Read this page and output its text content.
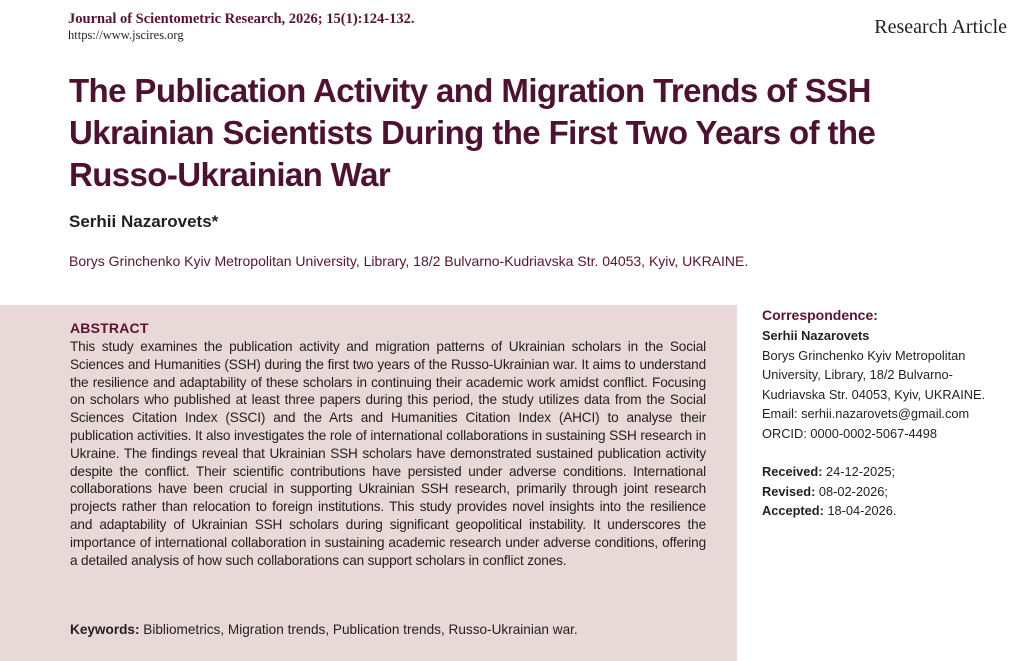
Journal of Scientometric Research, 2026; 15(1):124-132.
https://www.jscires.org	Research Article
The Publication Activity and Migration Trends of SSH Ukrainian Scientists During the First Two Years of the Russo-Ukrainian War
Serhii Nazarovets*
Borys Grinchenko Kyiv Metropolitan University, Library, 18/2 Bulvarno-Kudriavska Str. 04053, Kyiv, UKRAINE.
ABSTRACT

This study examines the publication activity and migration patterns of Ukrainian scholars in the Social Sciences and Humanities (SSH) during the first two years of the Russo-Ukrainian war. It aims to understand the resilience and adaptability of these scholars in continuing their academic work amidst conflict. Focusing on scholars who published at least three papers during this period, the study utilizes data from the Social Sciences Citation Index (SSCI) and the Arts and Humanities Citation Index (AHCI) to analyse their publication activities. It also investigates the role of international collaborations in sustaining SSH research in Ukraine. The findings reveal that Ukrainian SSH scholars have demonstrated sustained publication activity despite the conflict. Their scientific contributions have persisted under adverse conditions. International collaborations have been crucial in supporting Ukrainian SSH research, primarily through joint research projects rather than relocation to foreign institutions. This study provides novel insights into the resilience and adaptability of Ukrainian SSH scholars during significant geopolitical instability. It underscores the importance of international collaboration in sustaining academic research under adverse conditions, offering a detailed analysis of how such collaborations can support scholars in conflict zones.

Keywords: Bibliometrics, Migration trends, Publication trends, Russo-Ukrainian war.
Correspondence:
Serhii Nazarovets
Borys Grinchenko Kyiv Metropolitan University, Library, 18/2 Bulvarno-Kudriavska Str. 04053, Kyiv, UKRAINE.
Email: serhii.nazarovets@gmail.com
ORCID: 0000-0002-5067-4498
Received: 24-12-2025;
Revised: 08-02-2026;
Accepted: 18-04-2026.
